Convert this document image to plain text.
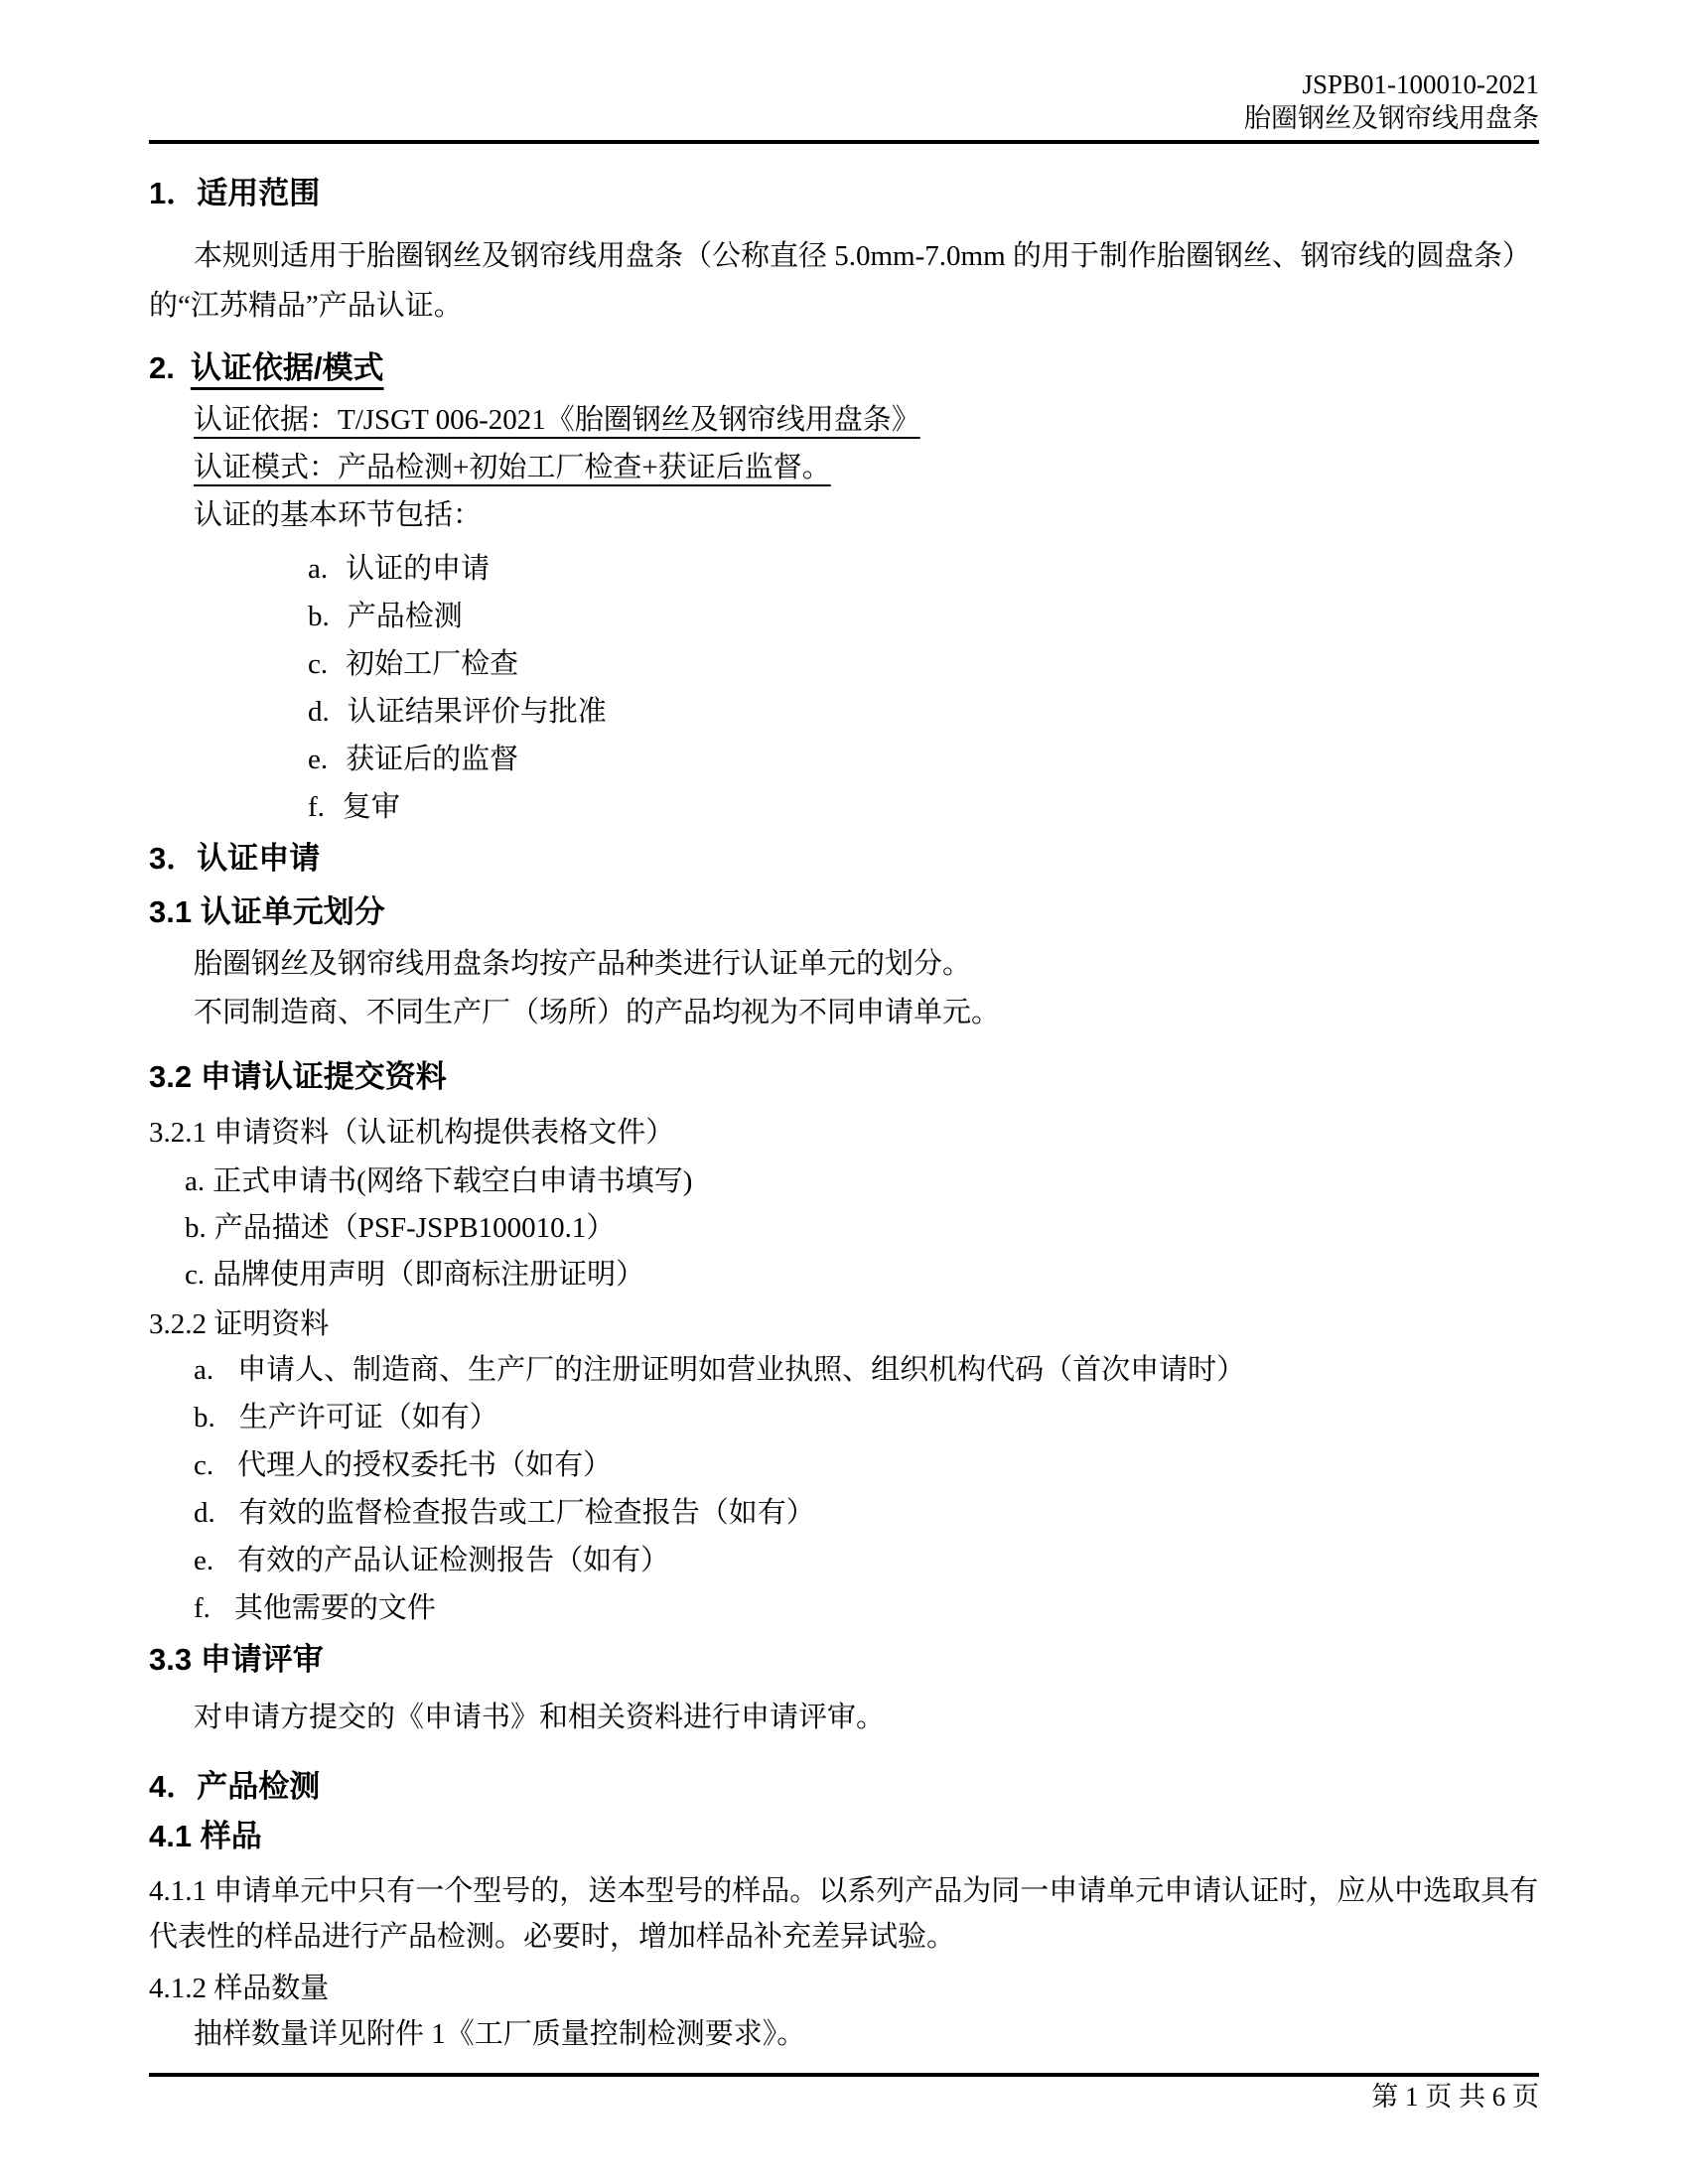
JSPB01-100010-2021
胎圈钢丝及钢帘线用盘条
1．适用范围
本规则适用于胎圈钢丝及钢帘线用盘条（公称直径 5.0mm-7.0mm 的用于制作胎圈钢丝、钢帘线的圆盘条）的“江苏精品”产品认证。
2. 认证依据/模式
认证依据：T/JSGT 006-2021《胎圈钢丝及钢帘线用盘条》
认证模式：产品检测+初始工厂检查+获证后监督。
认证的基本环节包括：
a. 认证的申请
b. 产品检测
c. 初始工厂检查
d. 认证结果评价与批准
e. 获证后的监督
f. 复审
3．认证申请
3.1 认证单元划分
胎圈钢丝及钢帘线用盘条均按产品种类进行认证单元的划分。
不同制造商、不同生产厂（场所）的产品均视为不同申请单元。
3.2 申请认证提交资料
3.2.1 申请资料（认证机构提供表格文件）
a. 正式申请书(网络下载空白申请书填写)
b. 产品描述（PSF-JSPB100010.1）
c. 品牌使用声明（即商标注册证明）
3.2.2 证明资料
a. 申请人、制造商、生产厂的注册证明如营业执照、组织机构代码（首次申请时）
b. 生产许可证（如有）
c. 代理人的授权委托书（如有）
d. 有效的监督检查报告或工厂检查报告（如有）
e. 有效的产品认证检测报告（如有）
f. 其他需要的文件
3.3 申请评审
对申请方提交的《申请书》和相关资料进行申请评审。
4．产品检测
4.1 样品
4.1.1 申请单元中只有一个型号的，送本型号的样品。以系列产品为同一申请单元申请认证时，应从中选取具有代表性的样品进行产品检测。必要时，增加样品补充差异试验。
4.1.2 样品数量
抽样数量详见附件 1《工厂质量控制检测要求》。
第 1 页 共 6 页
